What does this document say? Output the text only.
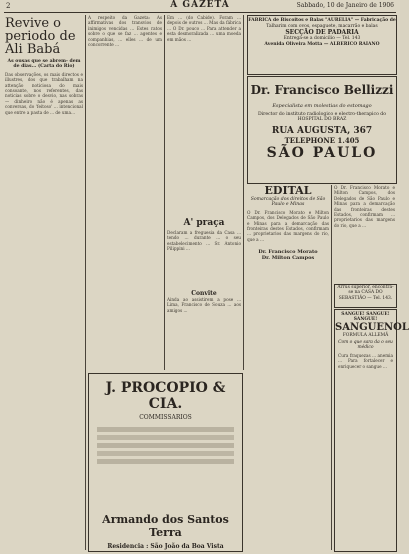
2	A GAZETA	Sabbado, 10 de Janeiro de 1906
Revive o periodo de Ali Babá
As ousas que se abrem- dem de dias... (Carta do Rio)
Das observações, os mais directos e illustres, dos que trabalham na attenção noticiosa do mais consoante, nos referentes, das noticias sobre o desvio, nas sobras — dinheiro não é apenas as conversas, do 'feitoso' ... intencional que entre a pasta de ... de uma...
A respeito da Gazeta: As affirmativas dos transvios de inimigos vencidas ... Estes ratos sobre o que se faz ... agentes e companhias, ... elles ... de um concorrente ...
Em ... (do Cabide). Foram ... depois de outros ... Mas da fábrica ... O Dr. pouco ... Para attender a esta desmoralizada ... uma moeda em mãos ...
A' praça
Declaram a freguesia da Casa ... tendo ... durante ... o seu estabelecimento ... Sr. Antonio Pilippini ...
Convite
Ainda ao assistirem a pose ... Lima, Francisco de Souza ... aos amigos ...
J. PROCOPIO & CIA.
COMMISSARIOS
Armando dos Santos Terra
Residencia : São João da Boa Vista
FABRICA de Biscoitos e Balas "AURELIA" — Fabricação de
Talharim com ovos, espaguete, macarrão e balas
SECÇÃO DE PADARIA
Entrega-se a domicilio — Tel. 143
Avenida Oliveira Motta — ALBERICO RAIANO
Dr. Francisco Bellizzi
Especialista em molestias do estomago
Director do instituto radiologico e electro-therapico do HOSPITAL DO BRAZ
RUA AUGUSTA, 367
TELEPHONE 1.405
SÃO PAULO
EDITAL
Somarcação dos direitos de São Paulo e Minas
O Dr. Francisco Morato e Milton Campos, dos Delegados de São Paulo e Minas para a demarcação das fronteiras destes Estados, confirmam ... proprietarios das margens do rio, que a ...
Dr. Francisco Morato
Dr. Milton Campos
O Dr. Francisco Morato e Milton Campos, dos Delegados de São Paulo e Minas para a demarcação das fronteiras destes Estados, confirmam ... proprietarios das margens do rio, que a ...
Arrus superior, encontra-se na CASA DO SEBASTIÃO — Tel. 143.
SANGUE! SANGUE! SANGUE!
SANGUENOL
FORMULA ALLEMÃ
Com o que sara da o seu médico
Cura fraquezas ... anemia ... Para fortalecer e enriquecer o sangue ...
